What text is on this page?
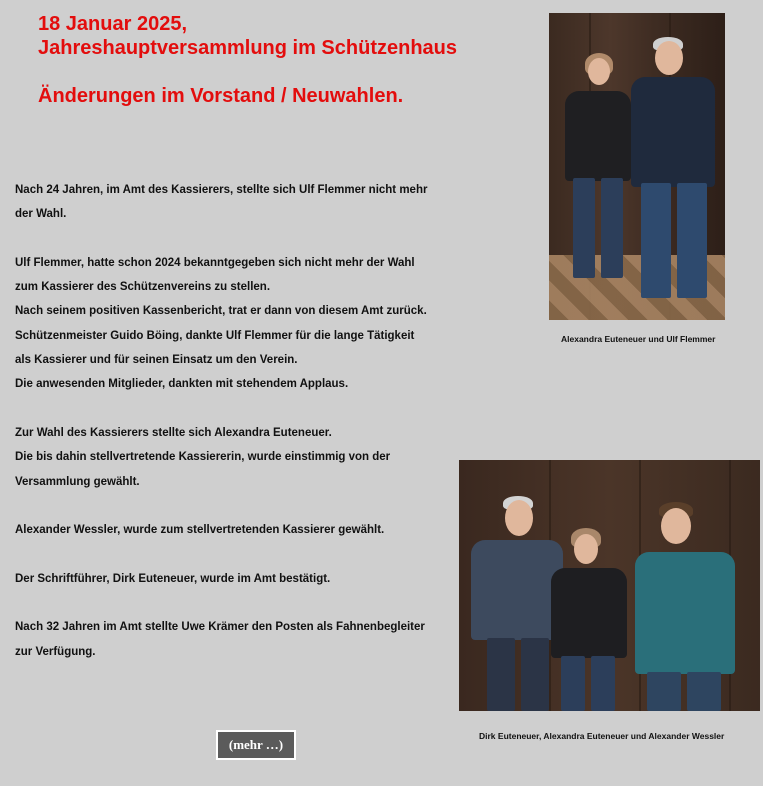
18 Januar 2025,
Jahreshauptversammlung im Schützenhaus
Änderungen im Vorstand / Neuwahlen.
Nach 24 Jahren, im Amt des Kassierers, stellte sich Ulf Flemmer nicht mehr
der Wahl.
Ulf Flemmer, hatte schon 2024 bekanntgegeben sich nicht mehr der Wahl
zum Kassierer des Schützenvereins zu stellen.
Nach seinem positiven Kassenbericht, trat er dann von diesem Amt zurück.
Schützenmeister Guido Böing, dankte Ulf Flemmer für die lange Tätigkeit
als Kassierer und für seinen Einsatz um den Verein.
Die anwesenden Mitglieder, dankten mit stehendem Applaus.
Zur Wahl des Kassierers stellte sich Alexandra Euteneuer.
Die bis dahin stellvertretende Kassiererin, wurde einstimmig von der
Versammlung gewählt.
Alexander Wessler, wurde zum stellvertretenden Kassierer gewählt.
Der Schriftführer, Dirk Euteneuer, wurde im Amt bestätigt.
Nach 32 Jahren im Amt stellte Uwe Krämer den Posten als Fahnenbegleiter
zur Verfügung.
Alexandra Euteneuer und Ulf Flemmer
Dirk Euteneuer, Alexandra Euteneuer und Alexander Wessler
(mehr …)
